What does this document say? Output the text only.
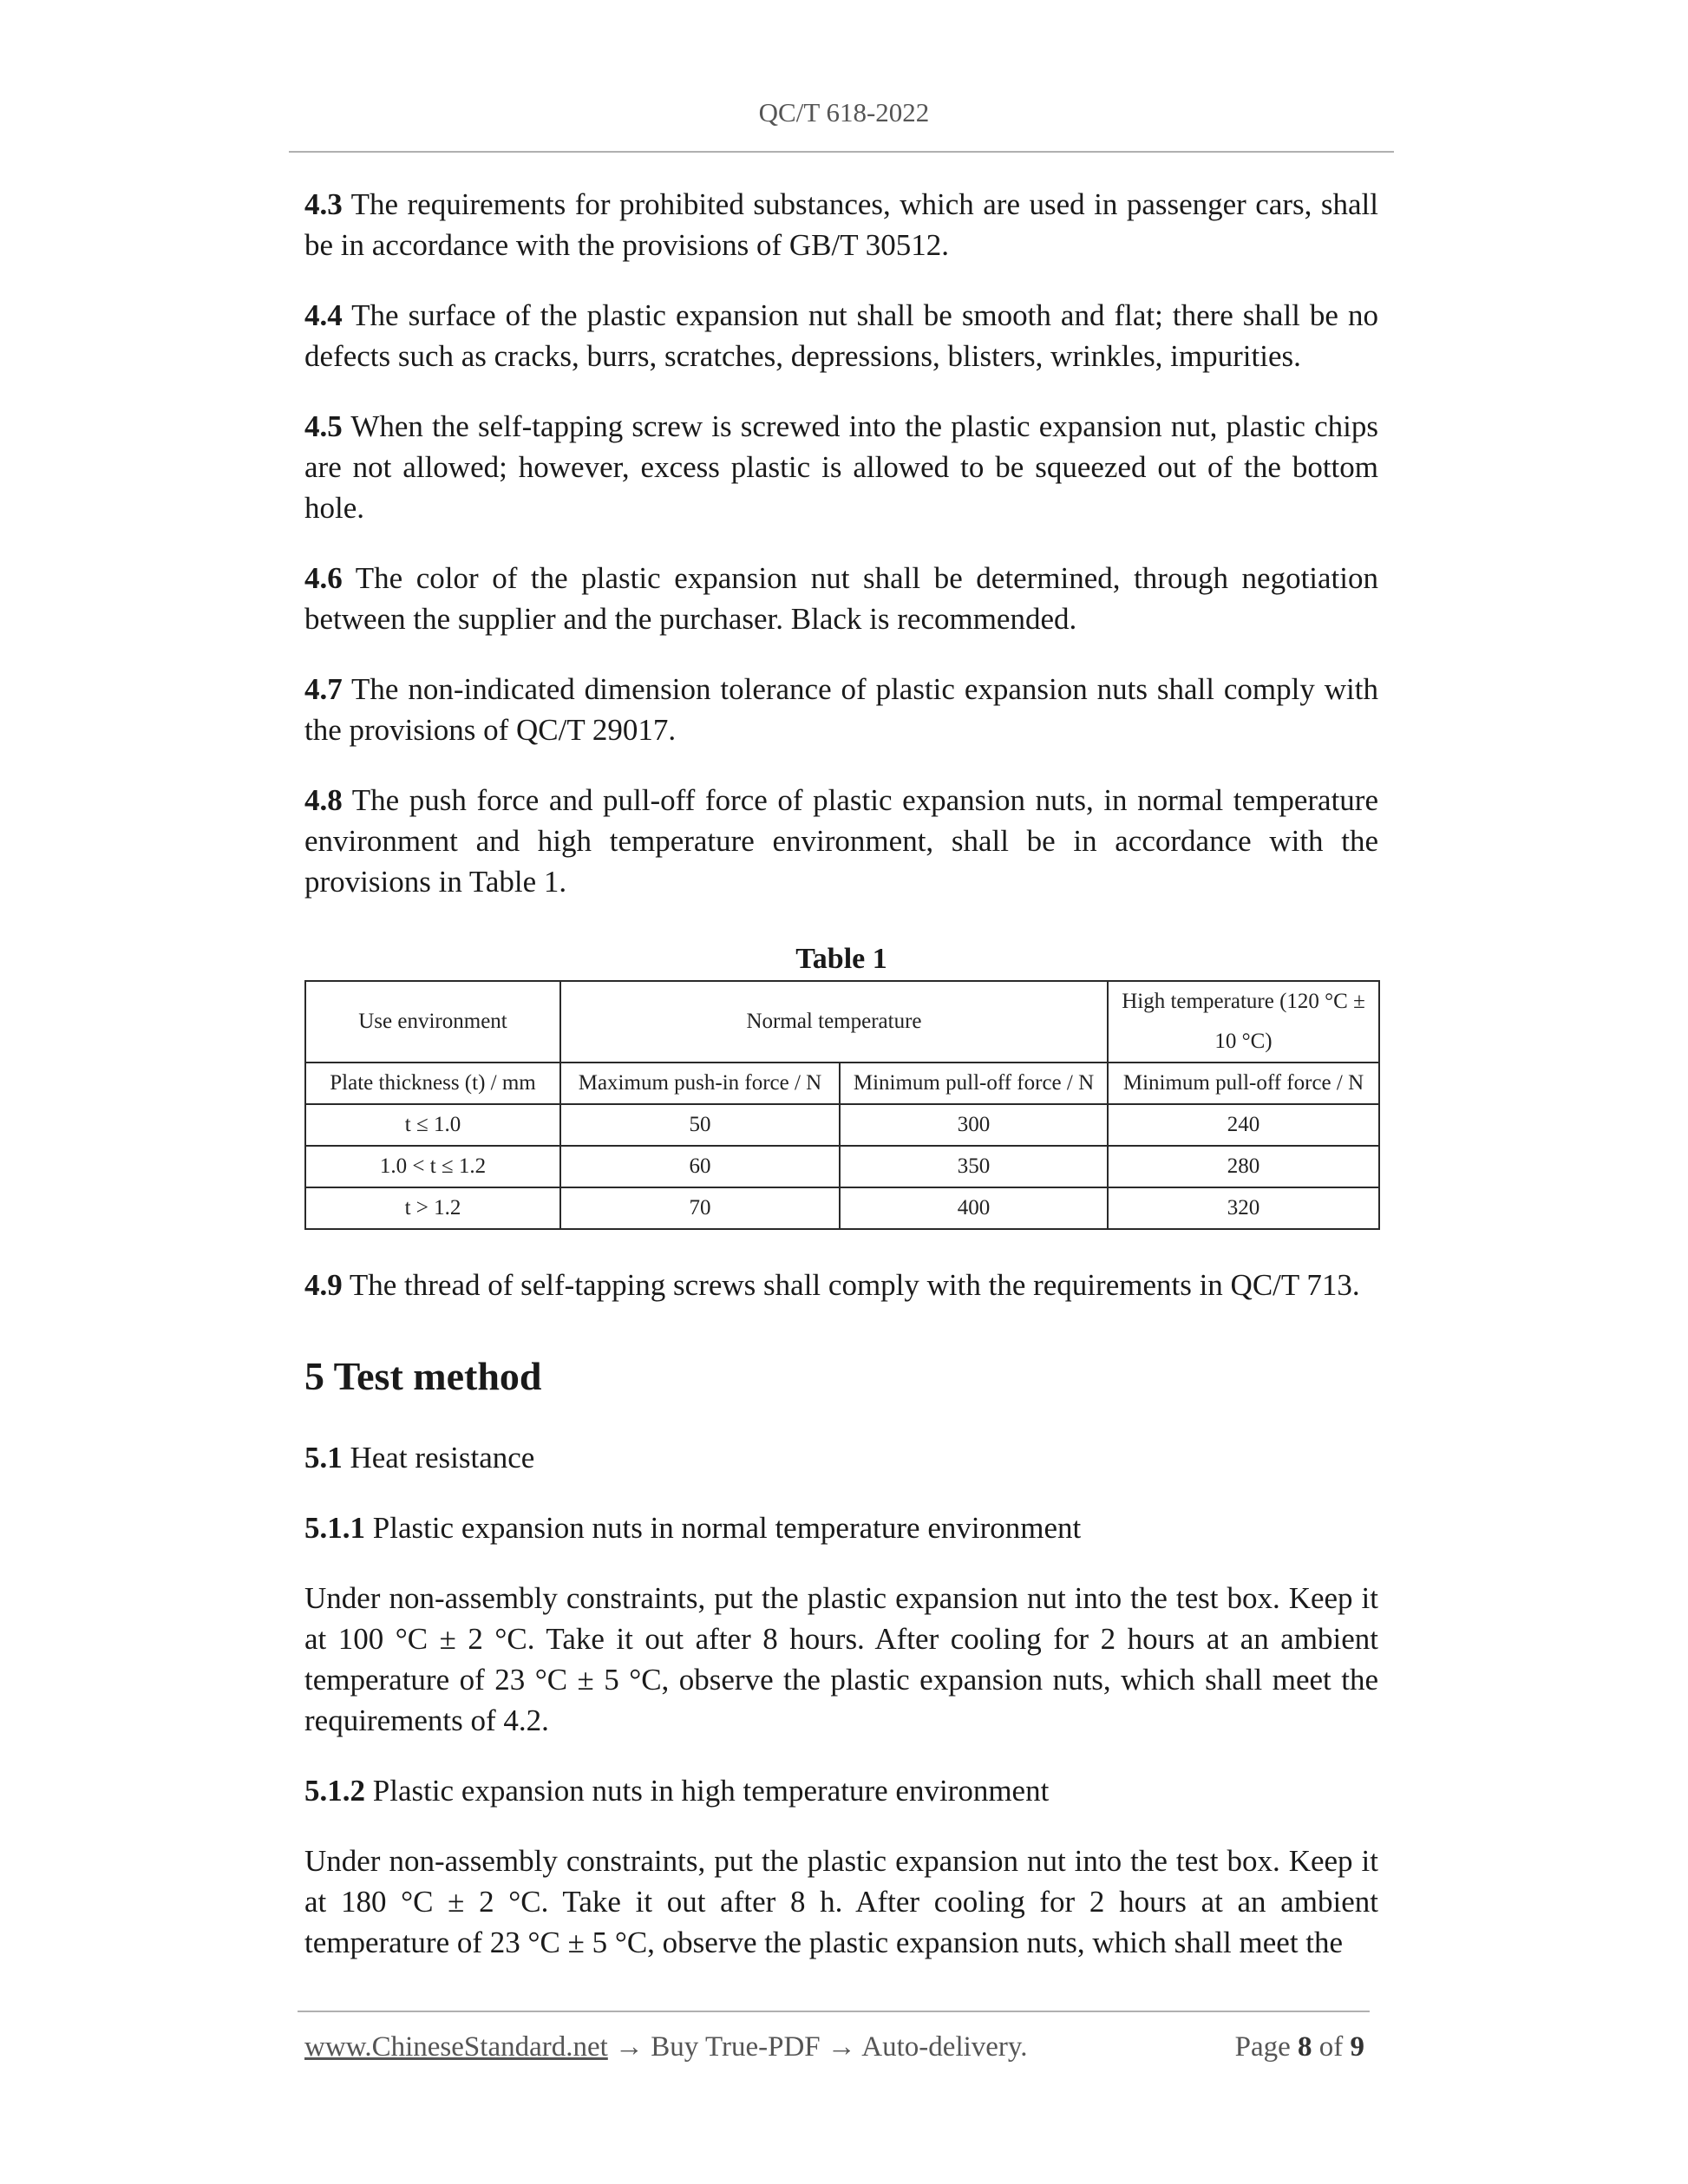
QC/T 618-2022

4.3 The requirements for prohibited substances, which are used in passenger cars, shall be in accordance with the provisions of GB/T 30512.

4.4 The surface of the plastic expansion nut shall be smooth and flat; there shall be no defects such as cracks, burrs, scratches, depressions, blisters, wrinkles, impurities.

4.5 When the self-tapping screw is screwed into the plastic expansion nut, plastic chips are not allowed; however, excess plastic is allowed to be squeezed out of the bottom hole.

4.6 The color of the plastic expansion nut shall be determined, through negotiation between the supplier and the purchaser. Black is recommended.

4.7 The non-indicated dimension tolerance of plastic expansion nuts shall comply with the provisions of QC/T 29017.

4.8 The push force and pull-off force of plastic expansion nuts, in normal temperature environment and high temperature environment, shall be in accordance with the provisions in Table 1.

Table 1
Use environment	Normal temperature		High temperature (120 °C ± 10 °C)
Plate thickness (t) / mm	Maximum push-in force / N	Minimum pull-off force / N	Minimum pull-off force / N
t ≤ 1.0	50	300	240
1.0 < t ≤ 1.2	60	350	280
t > 1.2	70	400	320

4.9 The thread of self-tapping screws shall comply with the requirements in QC/T 713.

5 Test method

5.1 Heat resistance

5.1.1 Plastic expansion nuts in normal temperature environment

Under non-assembly constraints, put the plastic expansion nut into the test box. Keep it at 100 °C ± 2 °C. Take it out after 8 hours. After cooling for 2 hours at an ambient temperature of 23 °C ± 5 °C, observe the plastic expansion nuts, which shall meet the requirements of 4.2.

5.1.2 Plastic expansion nuts in high temperature environment

Under non-assembly constraints, put the plastic expansion nut into the test box. Keep it at 180 °C ± 2 °C. Take it out after 8 h. After cooling for 2 hours at an ambient temperature of 23 °C ± 5 °C, observe the plastic expansion nuts, which shall meet the

www.ChineseStandard.net → Buy True-PDF → Auto-delivery.	Page 8 of 9
